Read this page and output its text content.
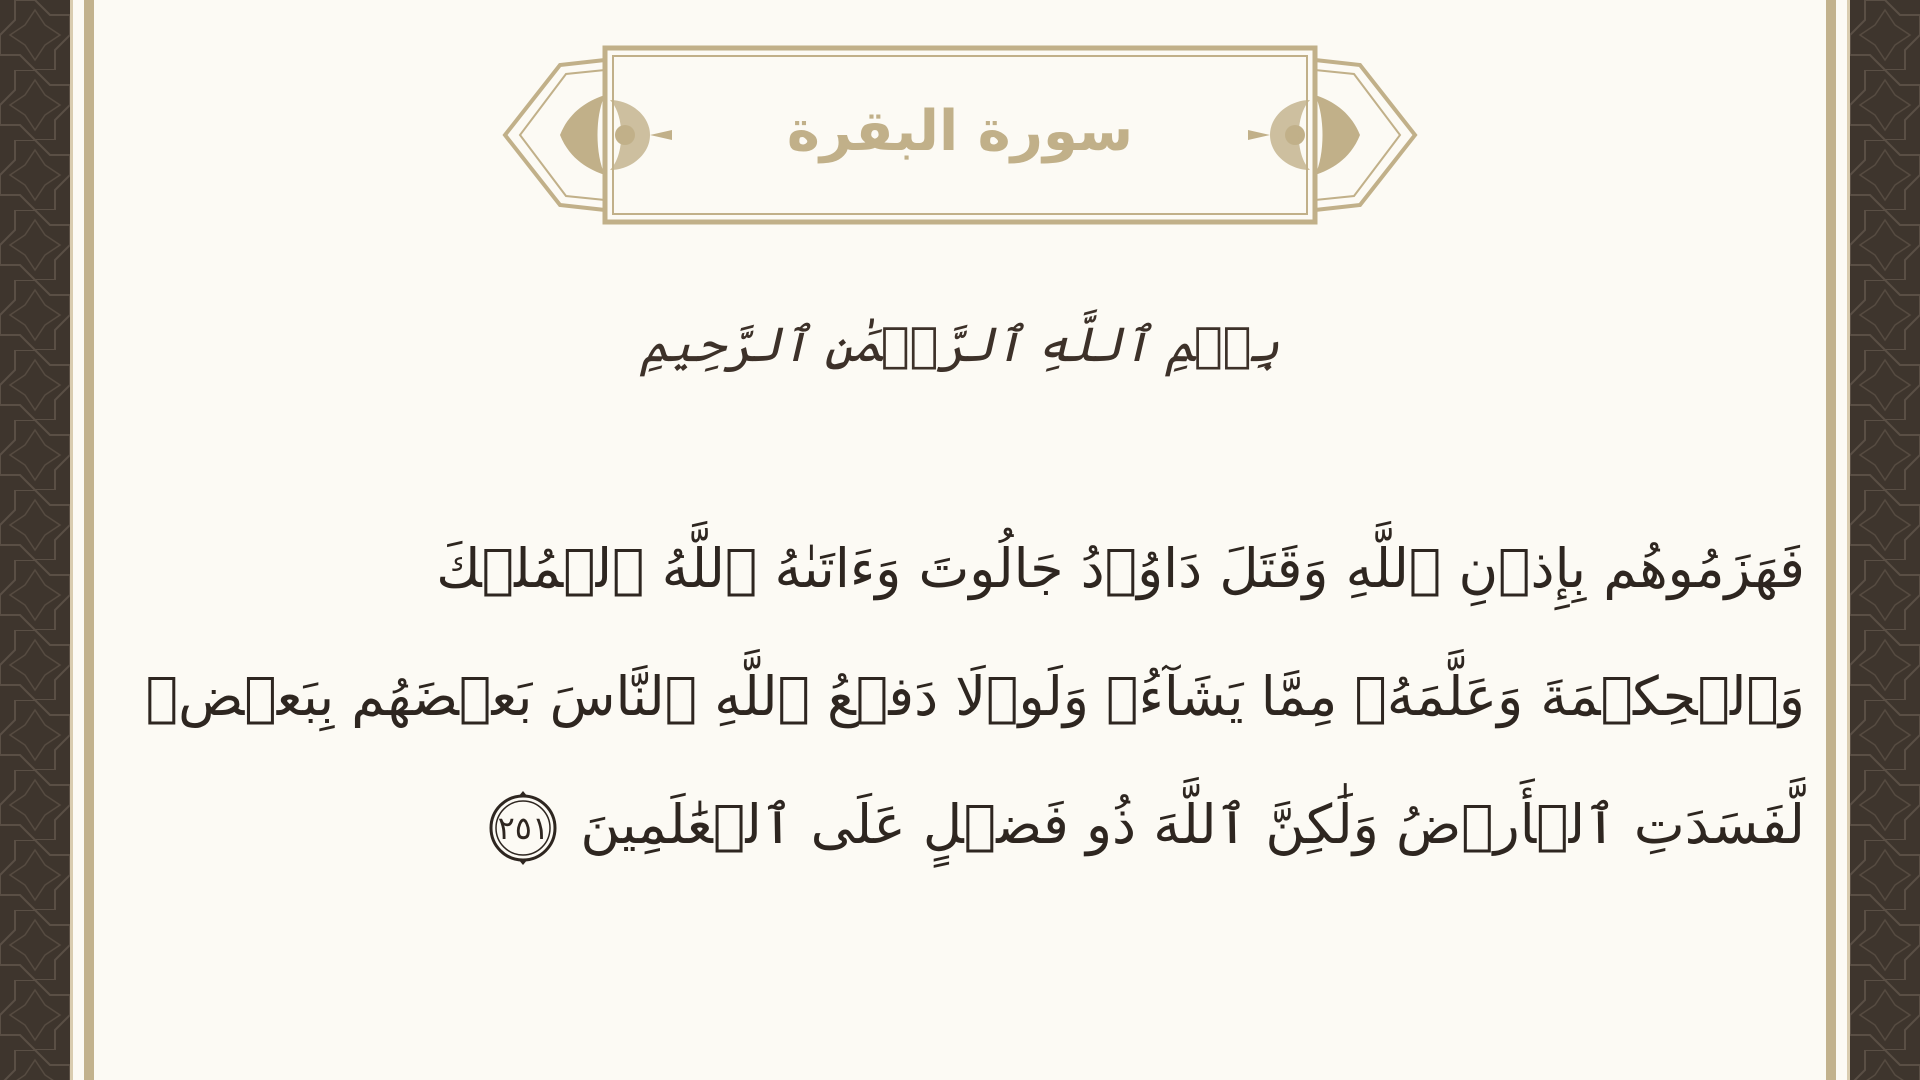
سورة البقرة
بِسۡمِ ٱللَّهِ ٱلرَّحۡمَٰنِ ٱلرَّحِيمِ
فَهَزَمُوهُم بِإِذۡنِ ٱللَّهِ وَقَتَلَ دَاوُۥدُ جَالُوتَ وَءَاتَىٰهُ ٱللَّهُ ٱلۡمُلۡكَ
وَٱلۡحِكۡمَةَ وَعَلَّمَهُۥ مِمَّا يَشَآءُۗ وَلَوۡلَا دَفۡعُ ٱللَّهِ ٱلنَّاسَ بَعۡضَهُم بِبَعۡضٖ
لَّفَسَدَتِ ٱلۡأَرۡضُ وَلَٰكِنَّ ٱللَّهَ ذُو فَضۡلٍ عَلَى ٱلۡعَٰلَمِينَ
٢٥١
